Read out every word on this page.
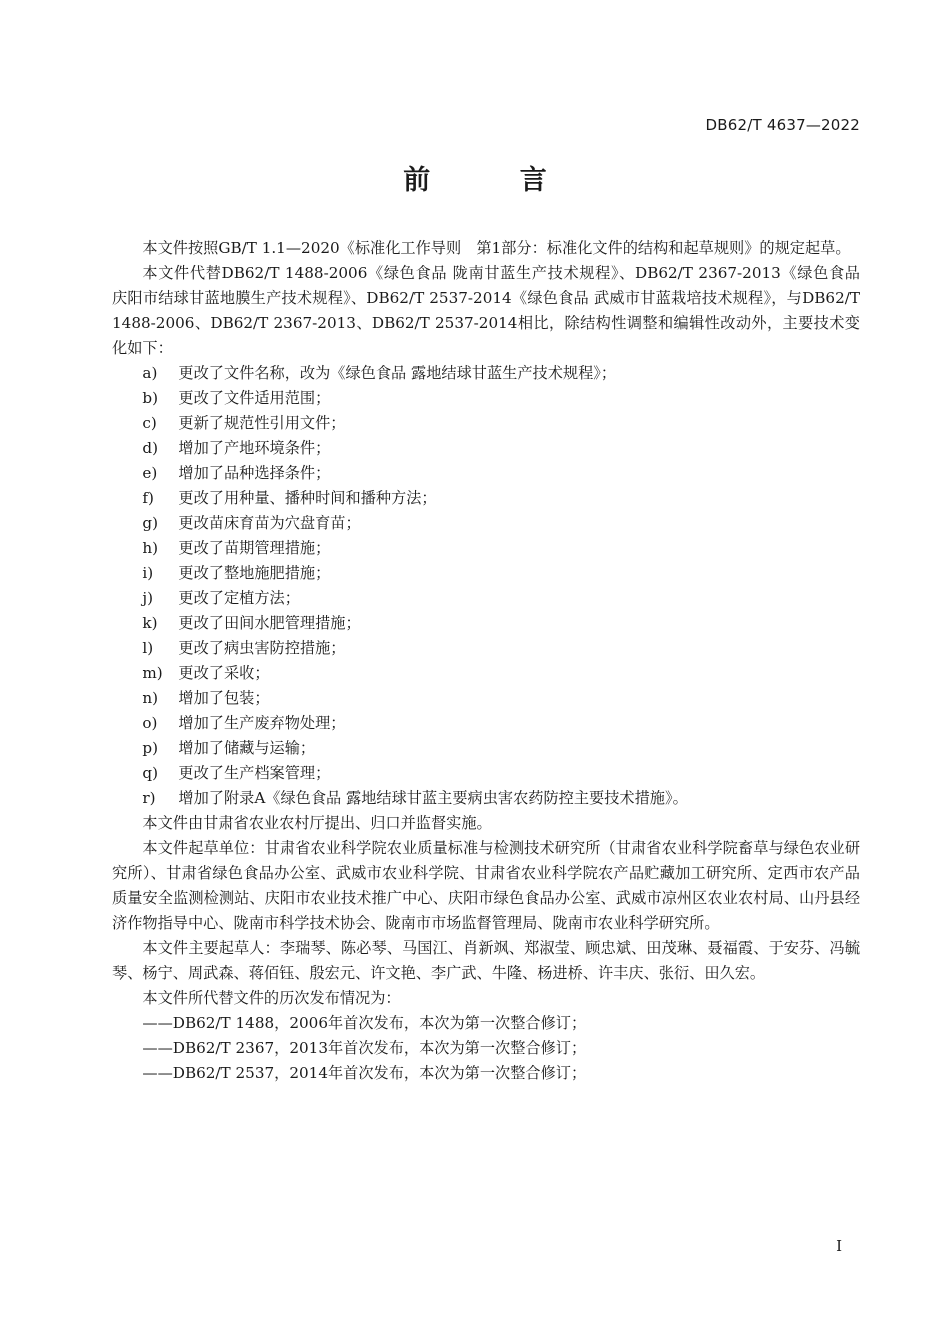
DB62/T 4637—2022
前 言

本文件按照GB/T 1.1—2020《标准化工作导则　第1部分：标准化文件的结构和起草规则》的规定起草。

本文件代替DB62/T 1488-2006《绿色食品 陇南甘蓝生产技术规程》、DB62/T 2367-2013《绿色食品 庆阳市结球甘蓝地膜生产技术规程》、DB62/T 2537-2014《绿色食品 武威市甘蓝栽培技术规程》，与DB62/T 1488-2006、DB62/T 2367-2013、DB62/T 2537-2014相比，除结构性调整和编辑性改动外，主要技术变化如下：

a)	更改了文件名称，改为《绿色食品 露地结球甘蓝生产技术规程》；
b)	更改了文件适用范围；
c)	更新了规范性引用文件；
d)	增加了产地环境条件；
e)	增加了品种选择条件；
f)	更改了用种量、播种时间和播种方法；
g)	更改苗床育苗为穴盘育苗；
h)	更改了苗期管理措施；
i)	更改了整地施肥措施；
j)	更改了定植方法；
k)	更改了田间水肥管理措施；
l)	更改了病虫害防控措施；
m)	更改了采收；
n)	增加了包装；
o)	增加了生产废弃物处理；
p)	增加了储藏与运输；
q)	更改了生产档案管理；
r)	增加了附录A《绿色食品 露地结球甘蓝主要病虫害农药防控主要技术措施》。

本文件由甘肃省农业农村厅提出、归口并监督实施。

本文件起草单位：甘肃省农业科学院农业质量标准与检测技术研究所（甘肃省农业科学院畜草与绿色农业研究所）、甘肃省绿色食品办公室、武威市农业科学院、甘肃省农业科学院农产品贮藏加工研究所、定西市农产品质量安全监测检测站、庆阳市农业技术推广中心、庆阳市绿色食品办公室、武威市凉州区农业农村局、山丹县经济作物指导中心、陇南市科学技术协会、陇南市市场监督管理局、陇南市农业科学研究所。

本文件主要起草人：李瑞琴、陈必琴、马国江、肖新飒、郑淑莹、顾忠斌、田茂琳、聂福霞、于安芬、冯毓琴、杨宁、周武森、蒋佰钰、殷宏元、许文艳、李广武、牛隆、杨进桥、许丰庆、张衍、田久宏。

本文件所代替文件的历次发布情况为：

——DB62/T 1488，2006年首次发布，本次为第一次整合修订；

——DB62/T 2367，2013年首次发布，本次为第一次整合修订；

——DB62/T 2537，2014年首次发布，本次为第一次整合修订；

I
